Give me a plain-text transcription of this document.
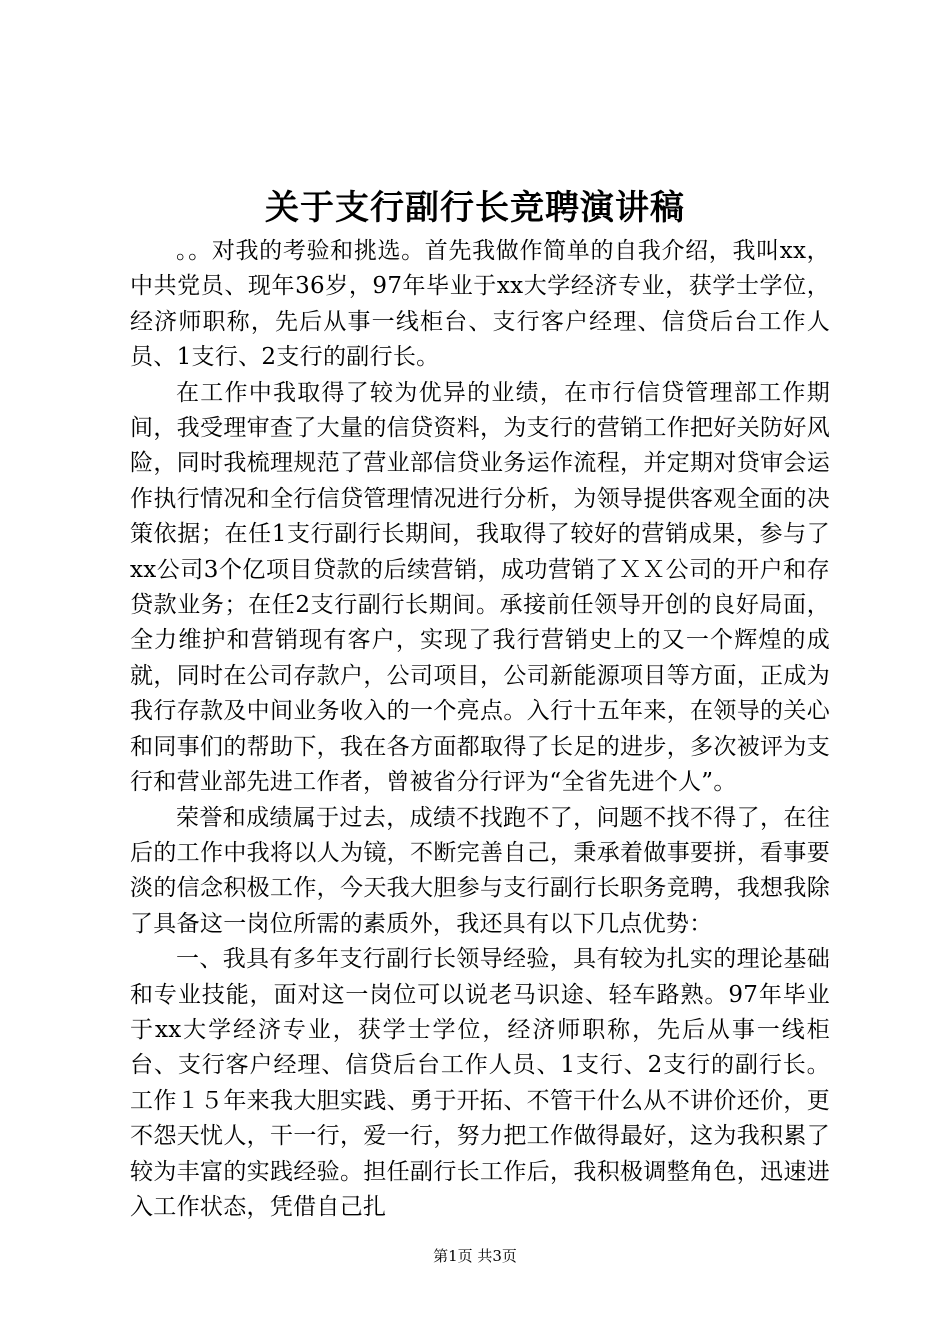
关于支行副行长竞聘演讲稿

。。对我的考验和挑选。首先我做作简单的自我介绍，我叫xx，中共党员、现年36岁，97年毕业于xx大学经济专业，获学士学位，经济师职称，先后从事一线柜台、支行客户经理、信贷后台工作人员、1支行、2支行的副行长。

在工作中我取得了较为优异的业绩，在市行信贷管理部工作期间，我受理审查了大量的信贷资料，为支行的营销工作把好关防好风险，同时我梳理规范了营业部信贷业务运作流程，并定期对贷审会运作执行情况和全行信贷管理情况进行分析，为领导提供客观全面的决策依据；在任1支行副行长期间，我取得了较好的营销成果，参与了xx公司3个亿项目贷款的后续营销，成功营销了ＸＸ公司的开户和存贷款业务；在任2支行副行长期间。承接前任领导开创的良好局面，全力维护和营销现有客户，实现了我行营销史上的又一个辉煌的成就，同时在公司存款户，公司项目，公司新能源项目等方面，正成为我行存款及中间业务收入的一个亮点。入行十五年来，在领导的关心和同事们的帮助下，我在各方面都取得了长足的进步，多次被评为支行和营业部先进工作者，曾被省分行评为“全省先进个人”。

荣誉和成绩属于过去，成绩不找跑不了，问题不找不得了，在往后的工作中我将以人为镜，不断完善自己，秉承着做事要拼，看事要淡的信念积极工作，今天我大胆参与支行副行长职务竞聘，我想我除了具备这一岗位所需的素质外，我还具有以下几点优势：

一、我具有多年支行副行长领导经验，具有较为扎实的理论基础和专业技能，面对这一岗位可以说老马识途、轻车路熟。97年毕业于xx大学经济专业，获学士学位，经济师职称，先后从事一线柜台、支行客户经理、信贷后台工作人员、1支行、2支行的副行长。工作１５年来我大胆实践、勇于开拓、不管干什么从不讲价还价，更不怨天忧人，干一行，爱一行，努力把工作做得最好，这为我积累了较为丰富的实践经验。担任副行长工作后，我积极调整角色，迅速进入工作状态，凭借自己扎

第1页 共3页
